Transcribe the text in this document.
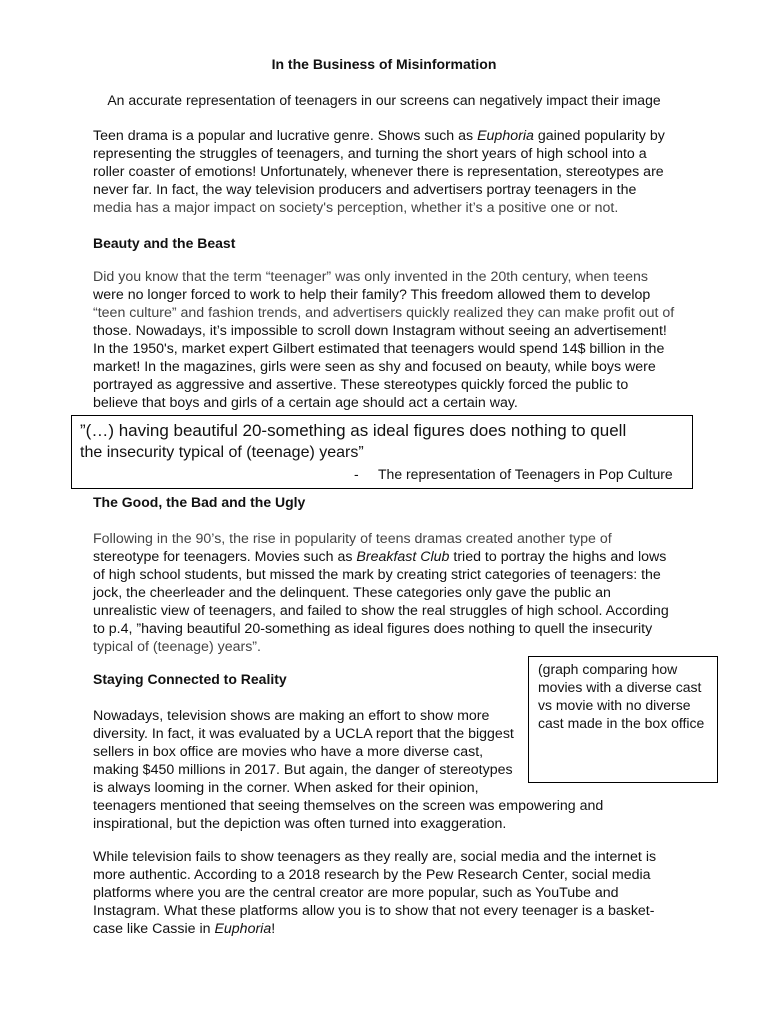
In the Business of Misinformation
An accurate representation of teenagers in our screens can negatively impact their image

Teen drama is a popular and lucrative genre. Shows such as Euphoria gained popularity by

representing the struggles of teenagers, and turning the short years of high school into a

roller coaster of emotions! Unfortunately, whenever there is representation, stereotypes are

never far. In fact, the way television producers and advertisers portray teenagers in the

media has a major impact on society's perception, whether it’s a positive one or not.

Beauty and the Beast

Did you know that the term “teenager” was only invented in the 20th century, when teens

were no longer forced to work to help their family? This freedom allowed them to develop

“teen culture” and fashion trends, and advertisers quickly realized they can make profit out of

those. Nowadays, it’s impossible to scroll down Instagram without seeing an advertisement!

In the 1950's, market expert Gilbert estimated that teenagers would spend 14$ billion in the

market! In the magazines, girls were seen as shy and focused on beauty, while boys were

portrayed as aggressive and assertive. These stereotypes quickly forced the public to

believe that boys and girls of a certain age should act a certain way.

”(…) having beautiful 20-something as ideal figures does nothing to quell
the insecurity typical of (teenage) years”
- The representation of Teenagers in Pop Culture
The Good, the Bad and the Ugly

Following in the 90’s, the rise in popularity of teens dramas created another type of

stereotype for teenagers. Movies such as Breakfast Club tried to portray the highs and lows

of high school students, but missed the mark by creating strict categories of teenagers: the

jock, the cheerleader and the delinquent. These categories only gave the public an

unrealistic view of teenagers, and failed to show the real struggles of high school. According

to p.4, ”having beautiful 20-something as ideal figures does nothing to quell the insecurity

typical of (teenage) years”.

(graph comparing how
movies with a diverse cast
vs movie with no diverse
cast made in the box office
Staying Connected to Reality

Nowadays, television shows are making an effort to show more

diversity. In fact, it was evaluated by a UCLA report that the biggest

sellers in box office are movies who have a more diverse cast,

making $450 millions in 2017. But again, the danger of stereotypes

is always looming in the corner. When asked for their opinion,

teenagers mentioned that seeing themselves on the screen was empowering and

inspirational, but the depiction was often turned into exaggeration.

While television fails to show teenagers as they really are, social media and the internet is

more authentic. According to a 2018 research by the Pew Research Center, social media

platforms where you are the central creator are more popular, such as YouTube and

Instagram. What these platforms allow you is to show that not every teenager is a basket-

case like Cassie in Euphoria!
